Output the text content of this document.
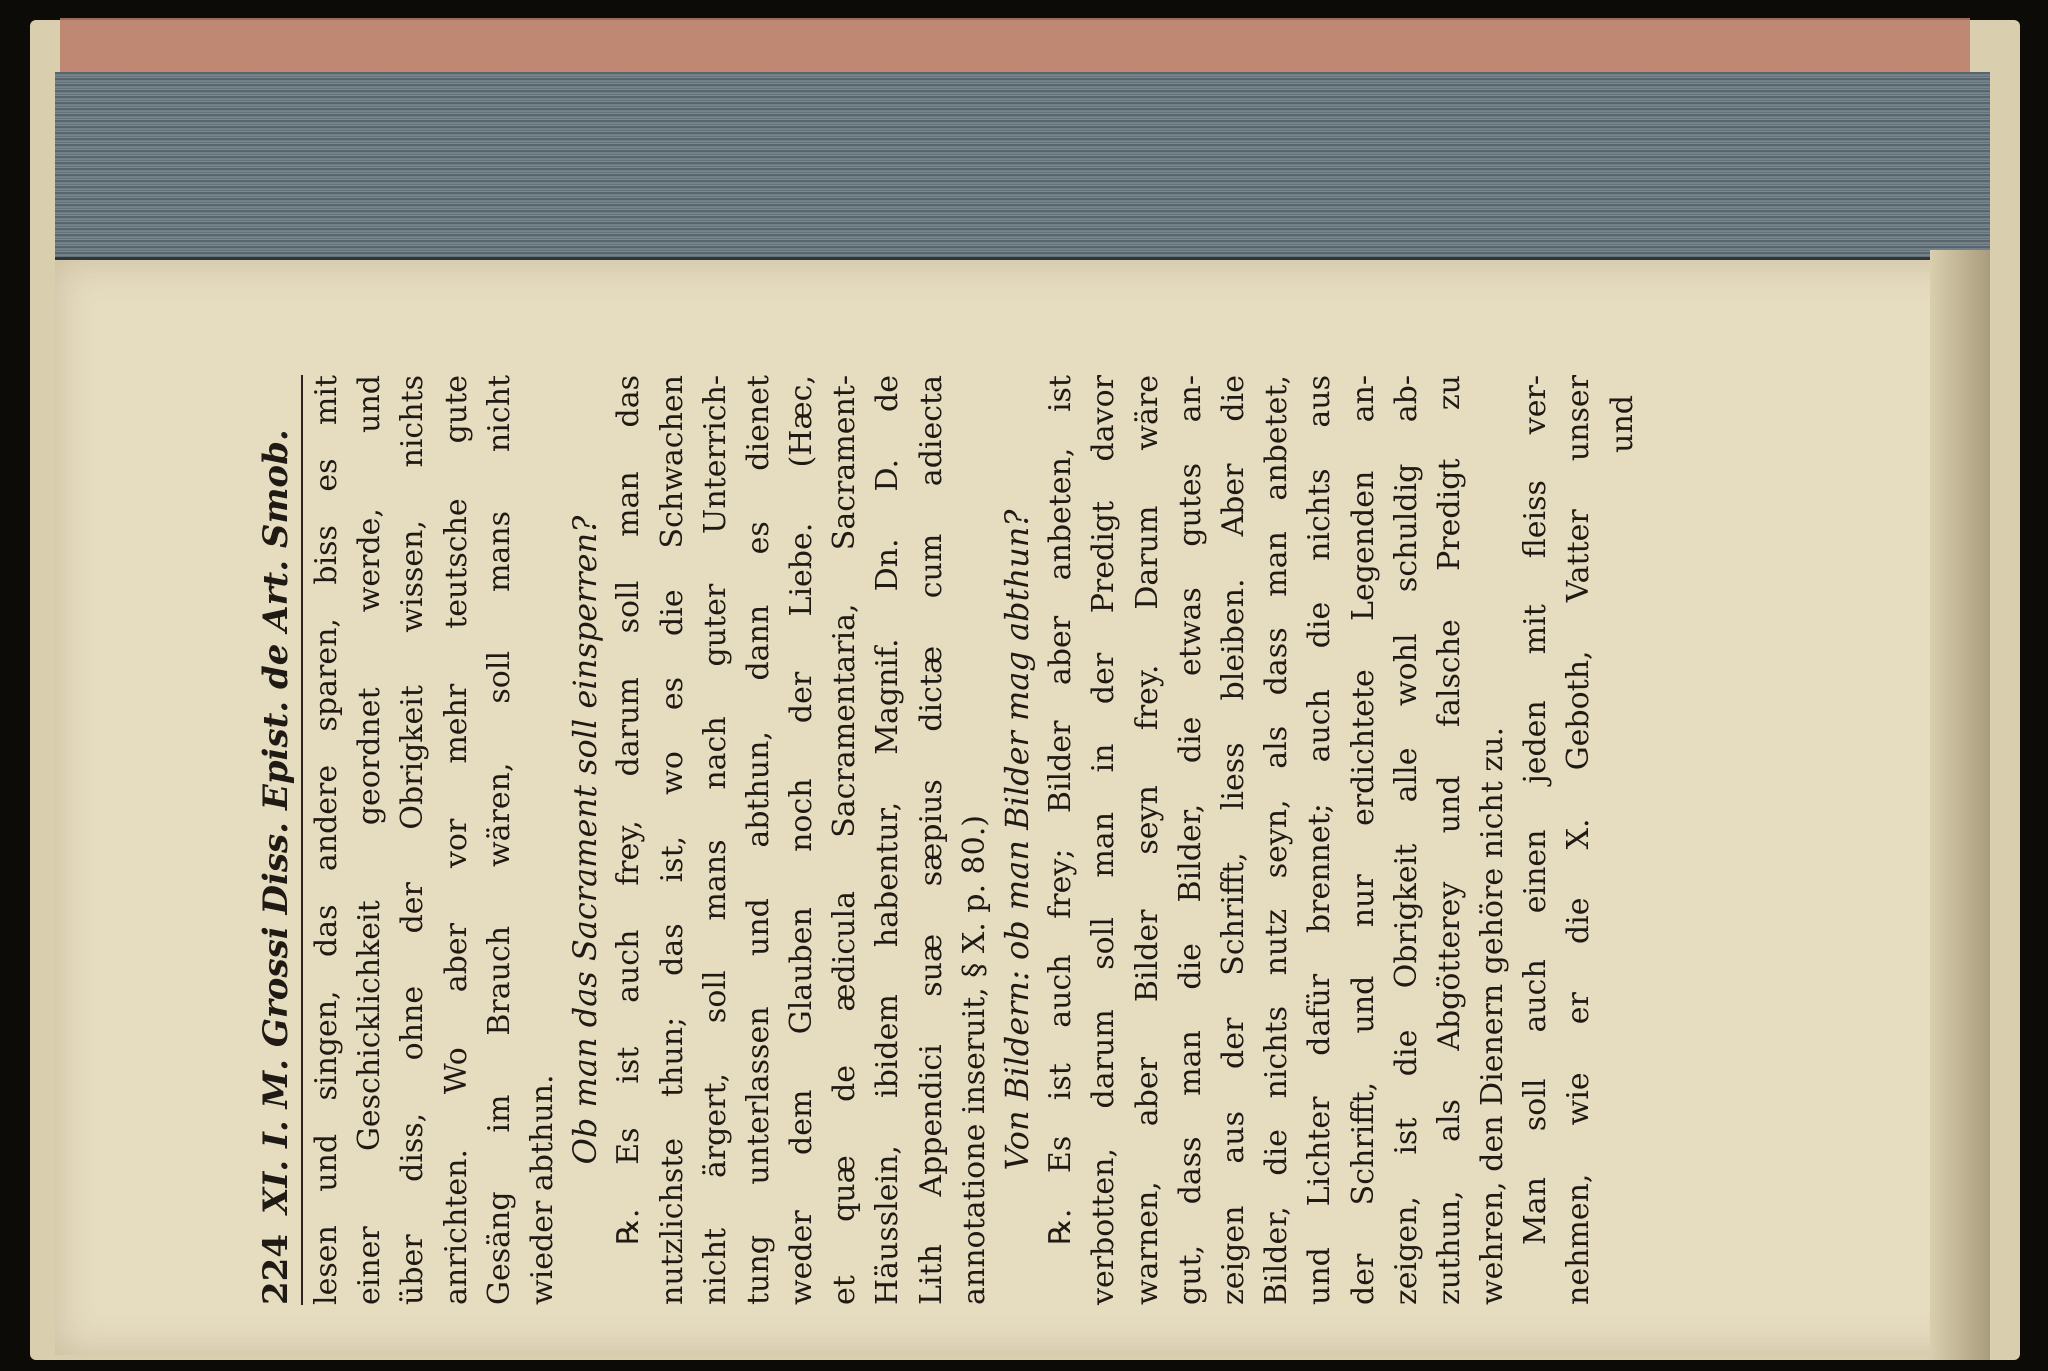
224
XI. I. M. Grossi Diss. Epist. de Art. Smob. lesen und singen, das andere sparen, biss es mit einer Geschicklichkeit geordnet werde, und über diss, ohne der Obrigkeit wissen, nichts anrichten. Wo aber vor mehr teutsche gute Gesäng im Brauch wären, soll mans nicht wieder abthun.
Ob man das Sacrament soll einsperren? ℞. Es ist auch frey, darum soll man das nutzlichste thun; das ist, wo es die Schwachen nicht ärgert, soll mans nach guter Unterrich- tung unterlassen und abthun, dann es dienet weder dem Glauben noch der Liebe. (Hæc, et quæ de ædicula Sacramentaria, Sacrament- Häusslein, ibidem habentur, Magnif. Dn. D. de Lith Appendici suæ sæpius dictæ cum adiecta annotatione inseruit, § X. p. 80.) Von Bildern: ob man Bilder mag abthun? ℞. Es ist auch frey; Bilder aber anbeten, ist verbotten, darum soll man in der Predigt davor warnen, aber Bilder seyn frey. Darum wäre gut, dass man die Bilder, die etwas gutes an- zeigen aus der Schrifft, liess bleiben. Aber die Bilder, die nichts nutz seyn, als dass man anbetet, und Lichter dafür brennet; auch die nichts aus der Schrifft, und nur erdichtete Legenden an- zeigen, ist die Obrigkeit alle wohl schuldig ab- zuthun, als Abgötterey und falsche Predigt zu wehren, den Dienern gehöre nicht zu. Man soll auch einen jeden mit fleiss ver- nehmen, wie er die X. Geboth, Vatter unser und
